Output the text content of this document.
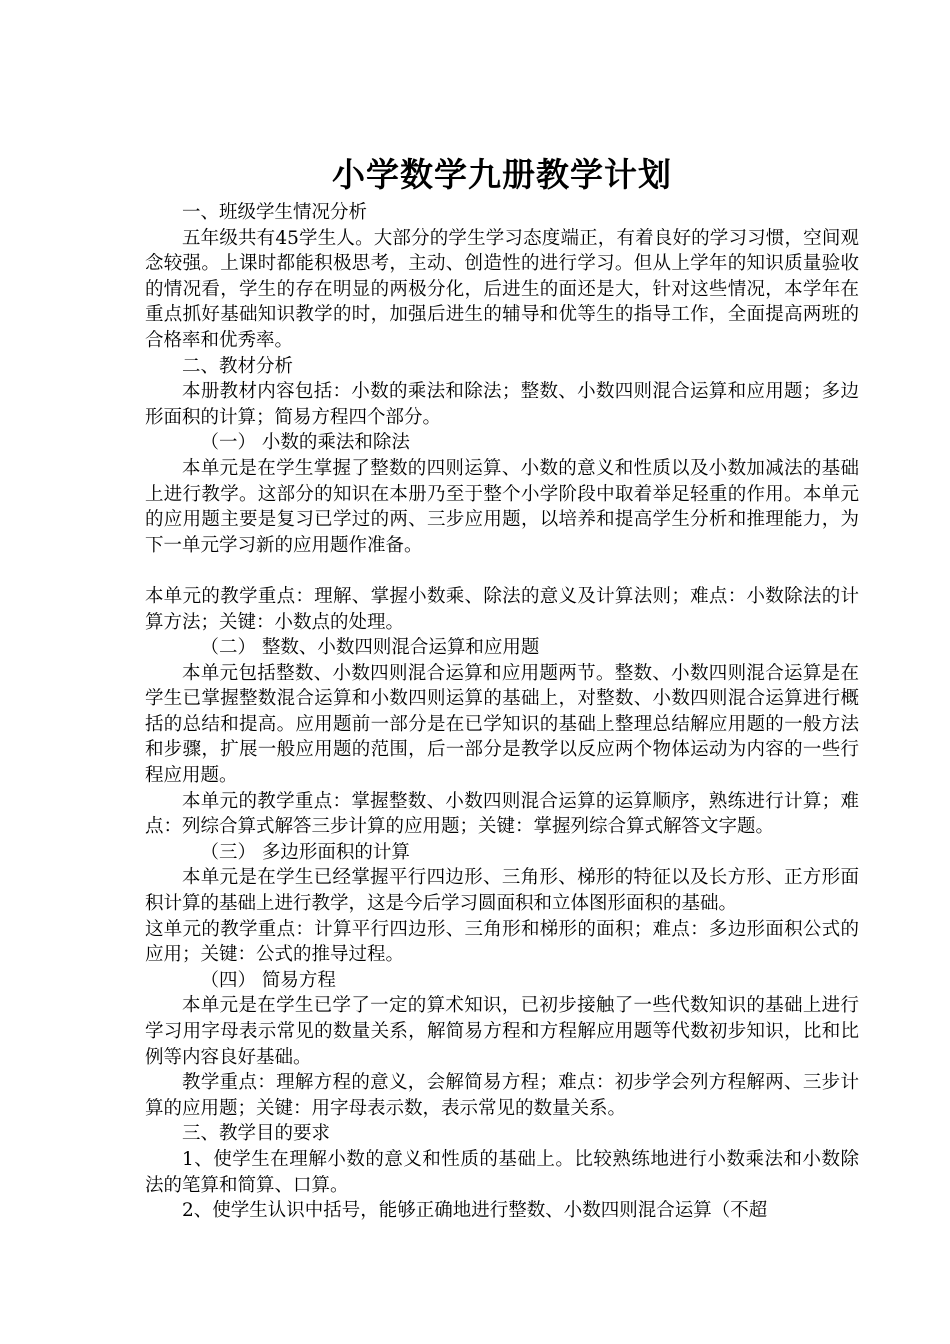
小学数学九册教学计划

一、班级学生情况分析

五年级共有45学生人。大部分的学生学习态度端正，有着良好的学习习惯，空间观念较强。上课时都能积极思考，主动、创造性的进行学习。但从上学年的知识质量验收的情况看，学生的存在明显的两极分化，后进生的面还是大，针对这些情况，本学年在重点抓好基础知识教学的时，加强后进生的辅导和优等生的指导工作，全面提高两班的合格率和优秀率。

二、教材分析

本册教材内容包括：小数的乘法和除法；整数、小数四则混合运算和应用题；多边形面积的计算；简易方程四个部分。

（一） 小数的乘法和除法

本单元是在学生掌握了整数的四则运算、小数的意义和性质以及小数加减法的基础上进行教学。这部分的知识在本册乃至于整个小学阶段中取着举足轻重的作用。本单元的应用题主要是复习已学过的两、三步应用题，以培养和提高学生分析和推理能力，为下一单元学习新的应用题作准备。

本单元的教学重点：理解、掌握小数乘、除法的意义及计算法则；难点：小数除法的计算方法；关键：小数点的处理。

（二） 整数、小数四则混合运算和应用题

本单元包括整数、小数四则混合运算和应用题两节。整数、小数四则混合运算是在学生已掌握整数混合运算和小数四则运算的基础上，对整数、小数四则混合运算进行概括的总结和提高。应用题前一部分是在已学知识的基础上整理总结解应用题的一般方法和步骤，扩展一般应用题的范围，后一部分是教学以反应两个物体运动为内容的一些行程应用题。

本单元的教学重点：掌握整数、小数四则混合运算的运算顺序，熟练进行计算；难点：列综合算式解答三步计算的应用题；关键：掌握列综合算式解答文字题。

（三） 多边形面积的计算

本单元是在学生已经掌握平行四边形、三角形、梯形的特征以及长方形、正方形面积计算的基础上进行教学，这是今后学习圆面积和立体图形面积的基础。

这单元的教学重点：计算平行四边形、三角形和梯形的面积；难点：多边形面积公式的应用；关键：公式的推导过程。

（四） 简易方程

本单元是在学生已学了一定的算术知识，已初步接触了一些代数知识的基础上进行学习用字母表示常见的数量关系，解简易方程和方程解应用题等代数初步知识，比和比例等内容良好基础。

教学重点：理解方程的意义，会解简易方程；难点：初步学会列方程解两、三步计算的应用题；关键：用字母表示数，表示常见的数量关系。

三、教学目的要求

1、使学生在理解小数的意义和性质的基础上。比较熟练地进行小数乘法和小数除法的笔算和简算、口算。

2、使学生认识中括号，能够正确地进行整数、小数四则混合运算（不超
